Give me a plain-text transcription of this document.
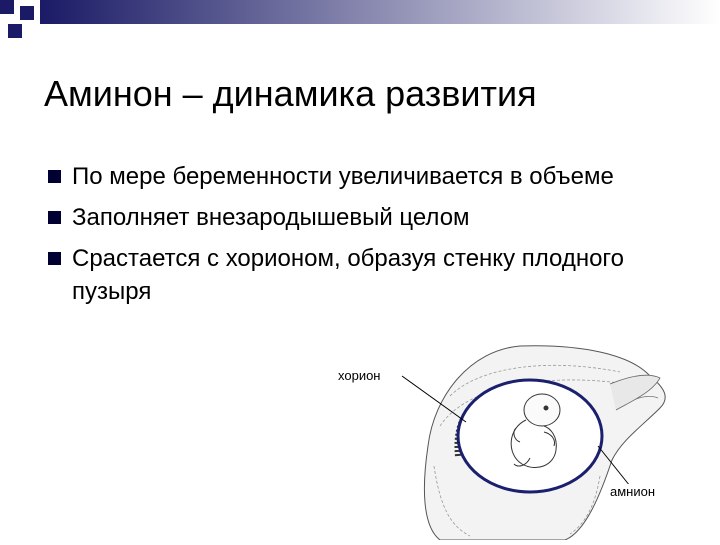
Аминон – динамика развития
По мере беременности увеличивается в объеме
Заполняет внезародышевый целом
Срастается с хорионом, образуя стенку плодного пузыря
хорион
амнион
